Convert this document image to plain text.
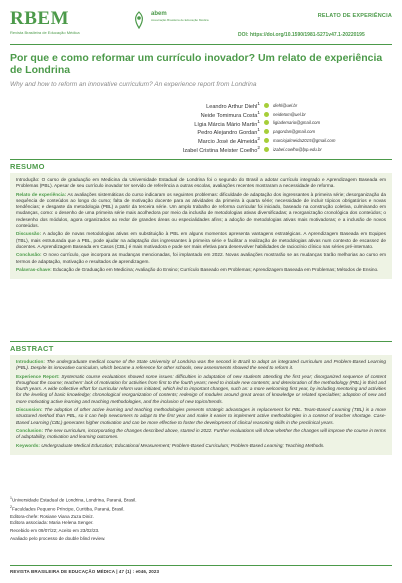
RBEM
Revista Brasileira de Educação Médica
abem
Associação Brasileira de Educação Médica
RELATO DE EXPERIÊNCIA
DOI: https://doi.org/10.1590/1981-5271v47.1-20220195
Por que e como reformar um currículo inovador? Um relato de experiência de Londrina
Why and how to reform an innovative curriculum? An experience report from Londrina
Leandro Arthur Diehl$^1$	diehl@uel.br
Neide Tomimura Costa$^1$	neidetom@uel.br
Lígia Márcia Mário Martin$^1$	ligiademario@gmail.com
Pedro Alejandro Gordan$^1$	pagordan@gmail.com
Marcio José de Almeida$^2$	marciojalmeida2015@gmail.com
Izabel Cristina Meister Coelho$^2$	izabel.coelho@fpp.edu.br
RESUMO

Introdução: O curso de graduação em Medicina da Universidade Estadual de Londrina foi o segundo do Brasil a adotar currículo integrado e Aprendizagem Baseada em Problemas (PBL). Apesar de seu currículo inovador ter servido de referência a outras escolas, avaliações recentes mostraram a necessidade de reforma.

Relato de experiência: As avaliações sistemáticas do curso indicaram os seguintes problemas: dificuldade de adaptação dos ingressantes à primeira série; desorganização da sequência de conteúdos ao longo do curso; falta de motivação docente para as atividades da primeira à quarta série; necessidade de incluir tópicos obrigatórios e novas tendências; e desgaste da metodologia (PBL) a partir da terceira série. Um amplo trabalho de reforma curricular foi iniciado, baseado na construção coletiva, culminando em mudanças, como: o desenho de uma primeira série mais acolhedora por meio da inclusão de metodologias ativas diversificadas; a reorganização cronológica dos conteúdos; o redesenho dos módulos, agora organizados ao redor de grandes áreas ou especialidades afins; a adoção de metodologias ativas mais motivadoras; e a inclusão de novos conteúdos.

Discussão: A adoção de novas metodologias ativas em substituição à PBL em alguns momentos apresenta vantagens estratégicas. A Aprendizagem Baseada em Equipes (TBL), mais estruturada que a PBL, pode ajudar na adaptação dos ingressantes à primeira série e facilitar a realização de metodologias ativas num contexto de escassez de docentes. A Aprendizagem Baseada em Casos (CBL) é mais motivadora e pode ser mais efetiva para desenvolver habilidades de raciocínio clínico nas séries pré-internato.

Conclusão: O novo currículo, que incorpora as mudanças mencionadas, foi implantado em 2022. Novas avaliações mostrarão se as mudanças trarão melhorias ao curso em termos de adaptação, motivação e resultados de aprendizagem.

Palavras-chave: Educação de Graduação em Medicina; Avaliação do Ensino; Currículo Baseado em Problemas; Aprendizagem Baseada em Problemas; Métodos de Ensino.

ABSTRACT

Introduction: The undergraduate medical course of the State University of Londrina was the second in Brazil to adopt an integrated curriculum and Problem-Based Learning (PBL). Despite its innovative curriculum, which became a reference for other schools, new assessments showed the need to reform it.

Experience Report: Systematic course evaluations showed some issues: difficulties in adaptation of new students attending the first year; disorganized sequence of content throughout the course; teachers' lack of motivation for activities from first to the fourth years; need to include new contents; and deterioration of the methodology (PBL) in third and fourth years. A wide collective effort for curricular reform was initiated, which led to important changes, such as: a more welcoming first year, by including mentoring and activities for the leveling of basic knowledge; chronological reorganization of contents; redesign of modules around great areas of knowledge or related specialties; adoption of new and more motivating active learning and teaching methodologies, and the inclusion of new topics/trends.

Discussion: The adoption of other active learning and teaching methodologies presents strategic advantages in replacement for PBL. Team-Based Learning (TBL) is a more structured method than PBL, so it can help newcomers to adapt to the first year and make it easier to implement active methodologies in a context of teacher shortage. Case-Based Learning (CBL) generates higher motivation and can be more effective to foster the development of clinical reasoning skills in the preclinical years.

Conclusion: The new curriculum, incorporating the changes described above, started in 2022. Further evaluations will show whether the changes will improve the course in terms of adaptability, motivation and learning outcomes.

Keywords: Undergraduate Medical Education; Educational Measurement; Problem-Based Curriculum; Problem-Based Learning; Teaching Methods.

$^1$Universidade Estadual de Londrina, Londrina, Paraná, Brasil.
$^2$Faculdades Pequeno Príncipe, Curitiba, Paraná, Brasil.
Editora-chefe: Rosiane Viana Zuza Diniz.
Editora associada: Maria Helena Senger.
Recebido em 09/07/22; Aceito em 23/02/23.
Avaliado pelo processo de double blind review.
REVISTA BRASILEIRA DE EDUCAÇÃO MÉDICA | 47 (1) : e046, 2023
